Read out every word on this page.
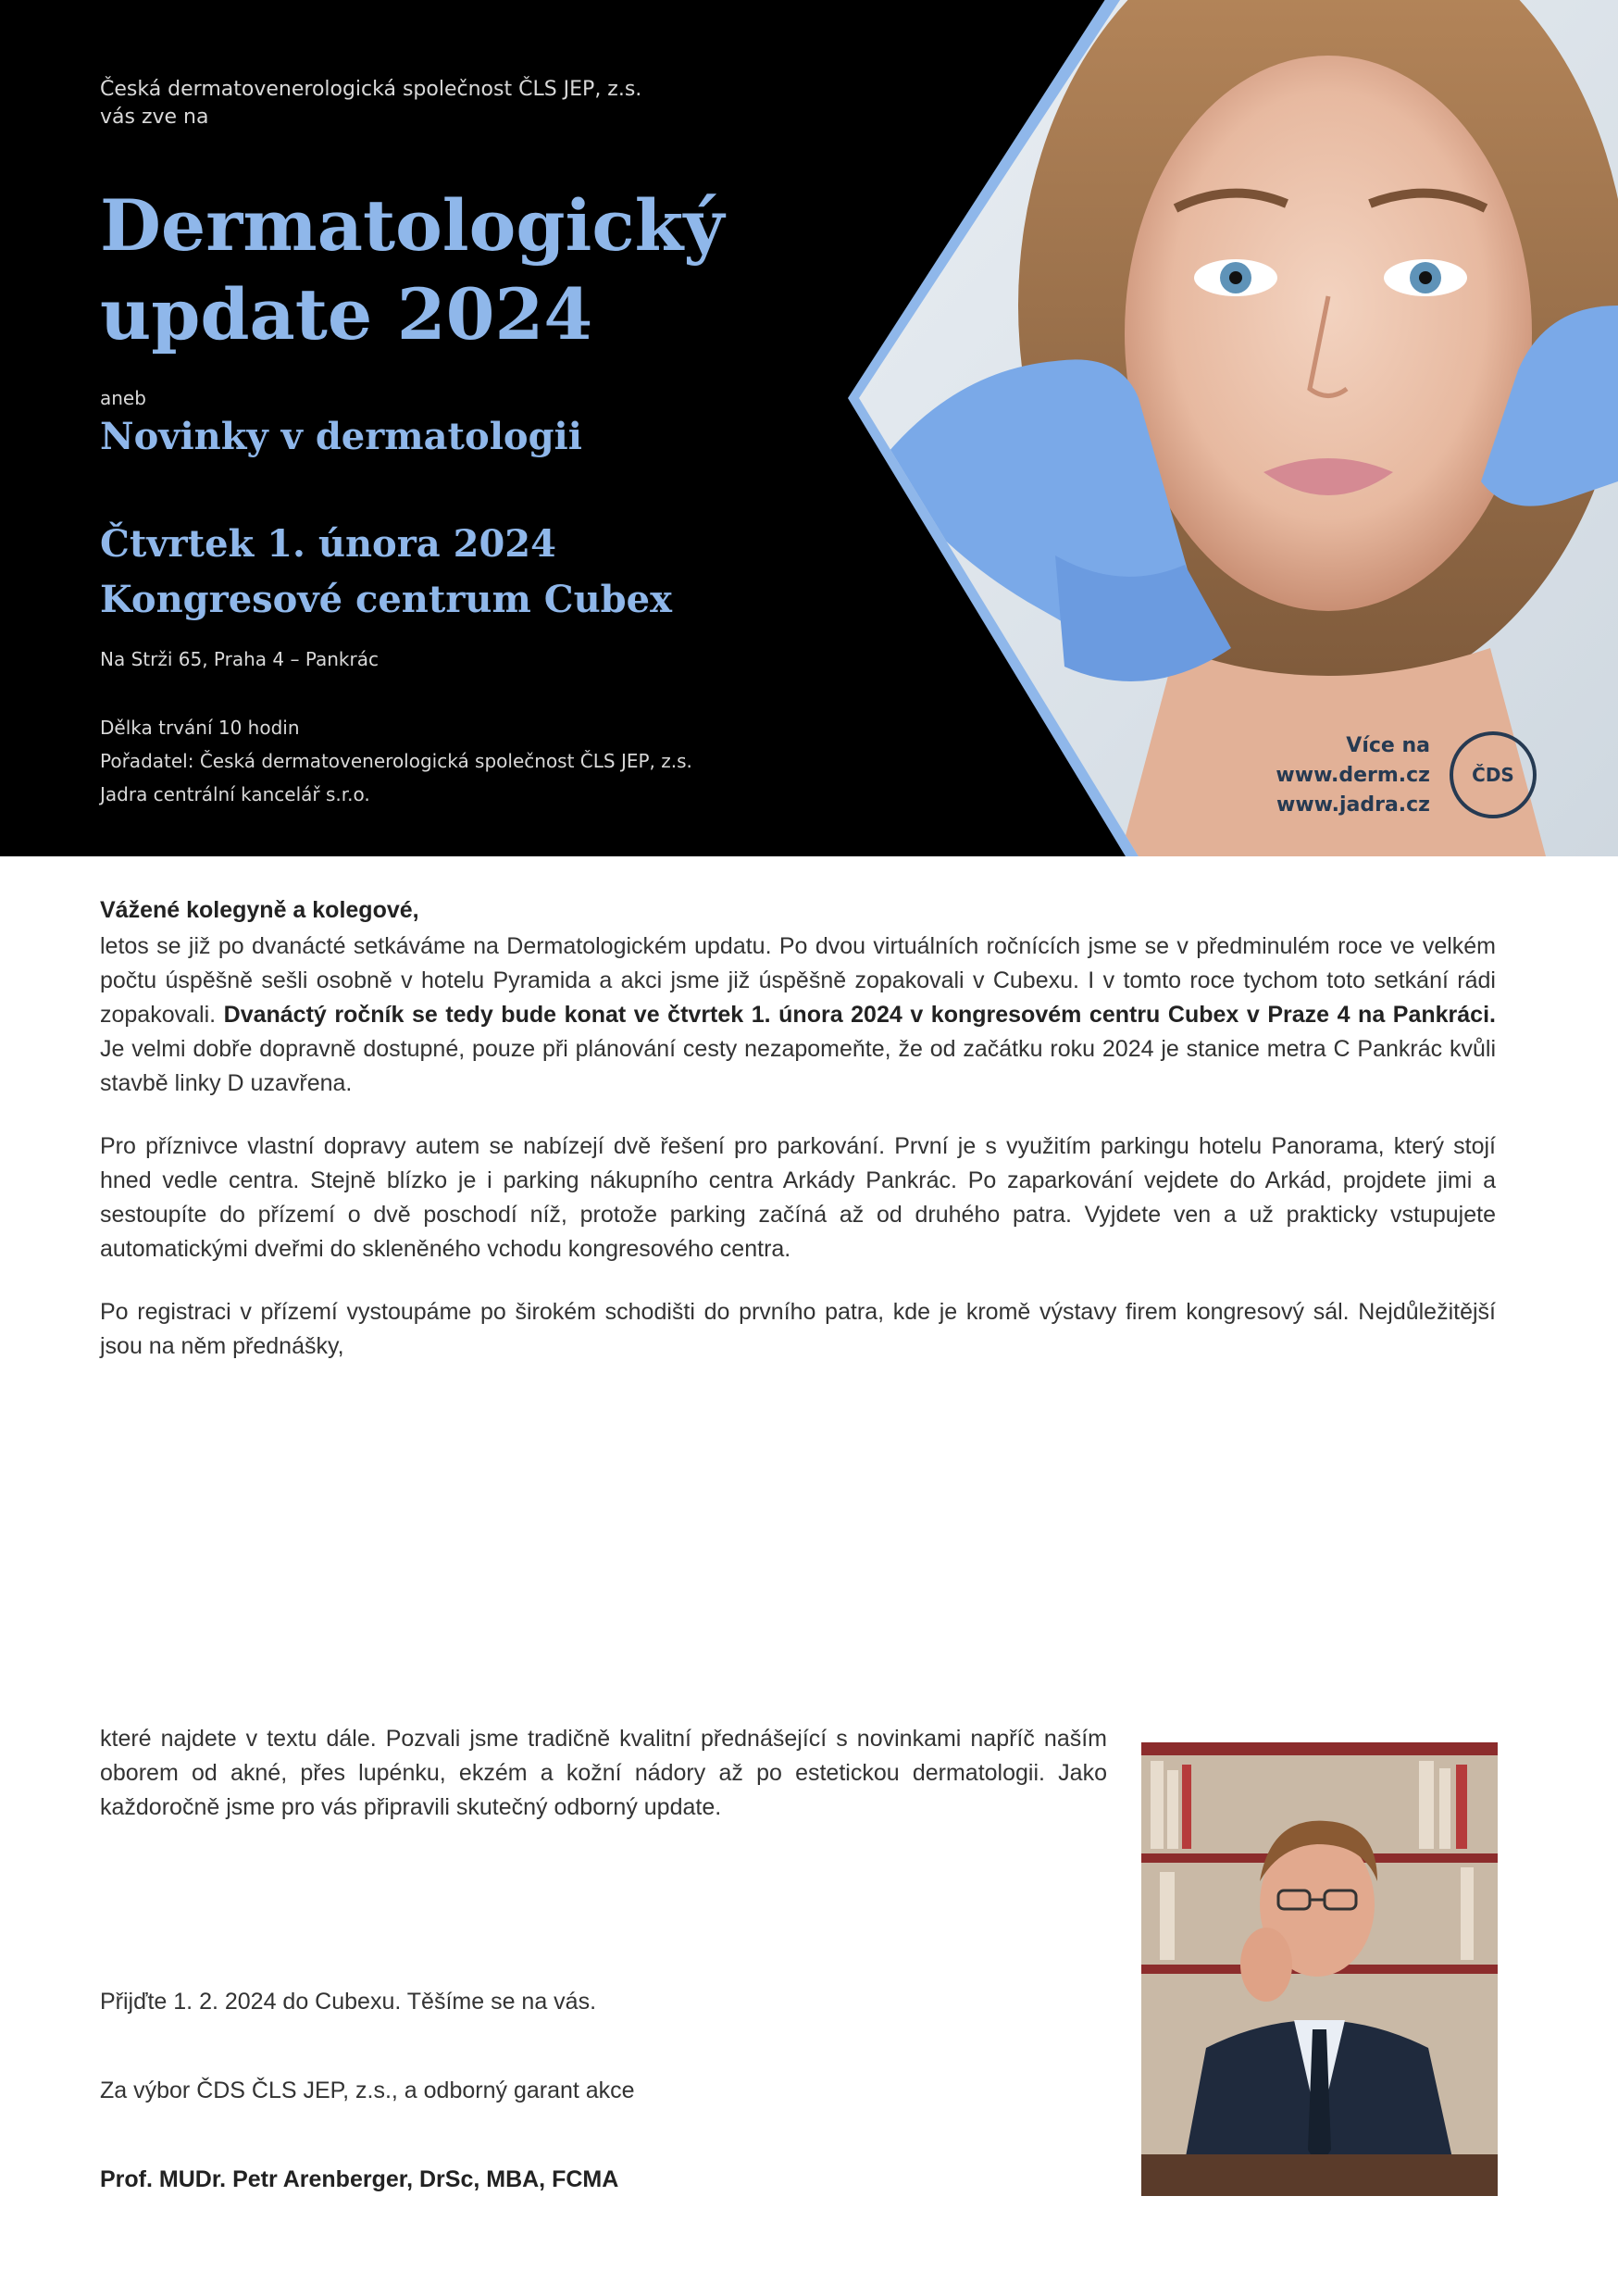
Česká dermatovenerologická společnost ČLS JEP, z.s.
vás zve na
Dermatologický
update 2024
aneb
Novinky v dermatologii
Čtvrtek 1. února 2024
Kongresové centrum Cubex
Na Strži 65, Praha 4 – Pankrác
Dělka trvání 10 hodin
Pořadatel: Česká dermatovenerologická společnost ČLS JEP, z.s.
Jadra centrální kancelář s.r.o.
Více na
www.derm.cz
www.jadra.cz
ČDS
Vážené kolegyně a kolegové,

letos se již po dvanácté setkáváme na Dermatologickém updatu. Po dvou virtuálních ročnících jsme se v předminulém roce ve velkém počtu úspěšně sešli osobně v hotelu Pyramida a akci jsme již úspěšně zopakovali v Cubexu. I v tomto roce tychom toto setkání rádi zopakovali. Dvanáctý ročník se tedy bude konat ve čtvrtek 1. února 2024 v kongresovém centru Cubex v Praze 4 na Pankráci. Je velmi dobře dopravně dostupné, pouze při plánování cesty nezapomeňte, že od začátku roku 2024 je stanice metra C Pankrác kvůli stavbě linky D uzavřena.

Pro příznivce vlastní dopravy autem se nabízejí dvě řešení pro parkování. První je s využitím parkingu hotelu Panorama, který stojí hned vedle centra. Stejně blízko je i parking nákupního centra Arkády Pankrác. Po zaparkování vejdete do Arkád, projdete jimi a sestoupíte do přízemí o dvě poschodí níž, protože parking začíná až od druhého patra. Vyjdete ven a už prakticky vstupujete automatickými dveřmi do skleněného vchodu kongresového centra.

Po registraci v přízemí vystoupáme po širokém schodišti do prvního patra, kde je kromě výstavy firem kongresový sál. Nejdůležitější jsou na něm přednášky,

které najdete v textu dále. Pozvali jsme tradičně kvalitní přednášející s novinkami napříč naším oborem od akné, přes lupénku, ekzém a kožní nádory až po estetickou dermatologii. Jako každoročně jsme pro vás připravili skutečný odborný update.

Přijďte 1. 2. 2024 do Cubexu. Těšíme se na vás.
Za výbor ČDS ČLS JEP, z.s., a odborný garant akce
Prof. MUDr. Petr Arenberger, DrSc, MBA, FCMA
